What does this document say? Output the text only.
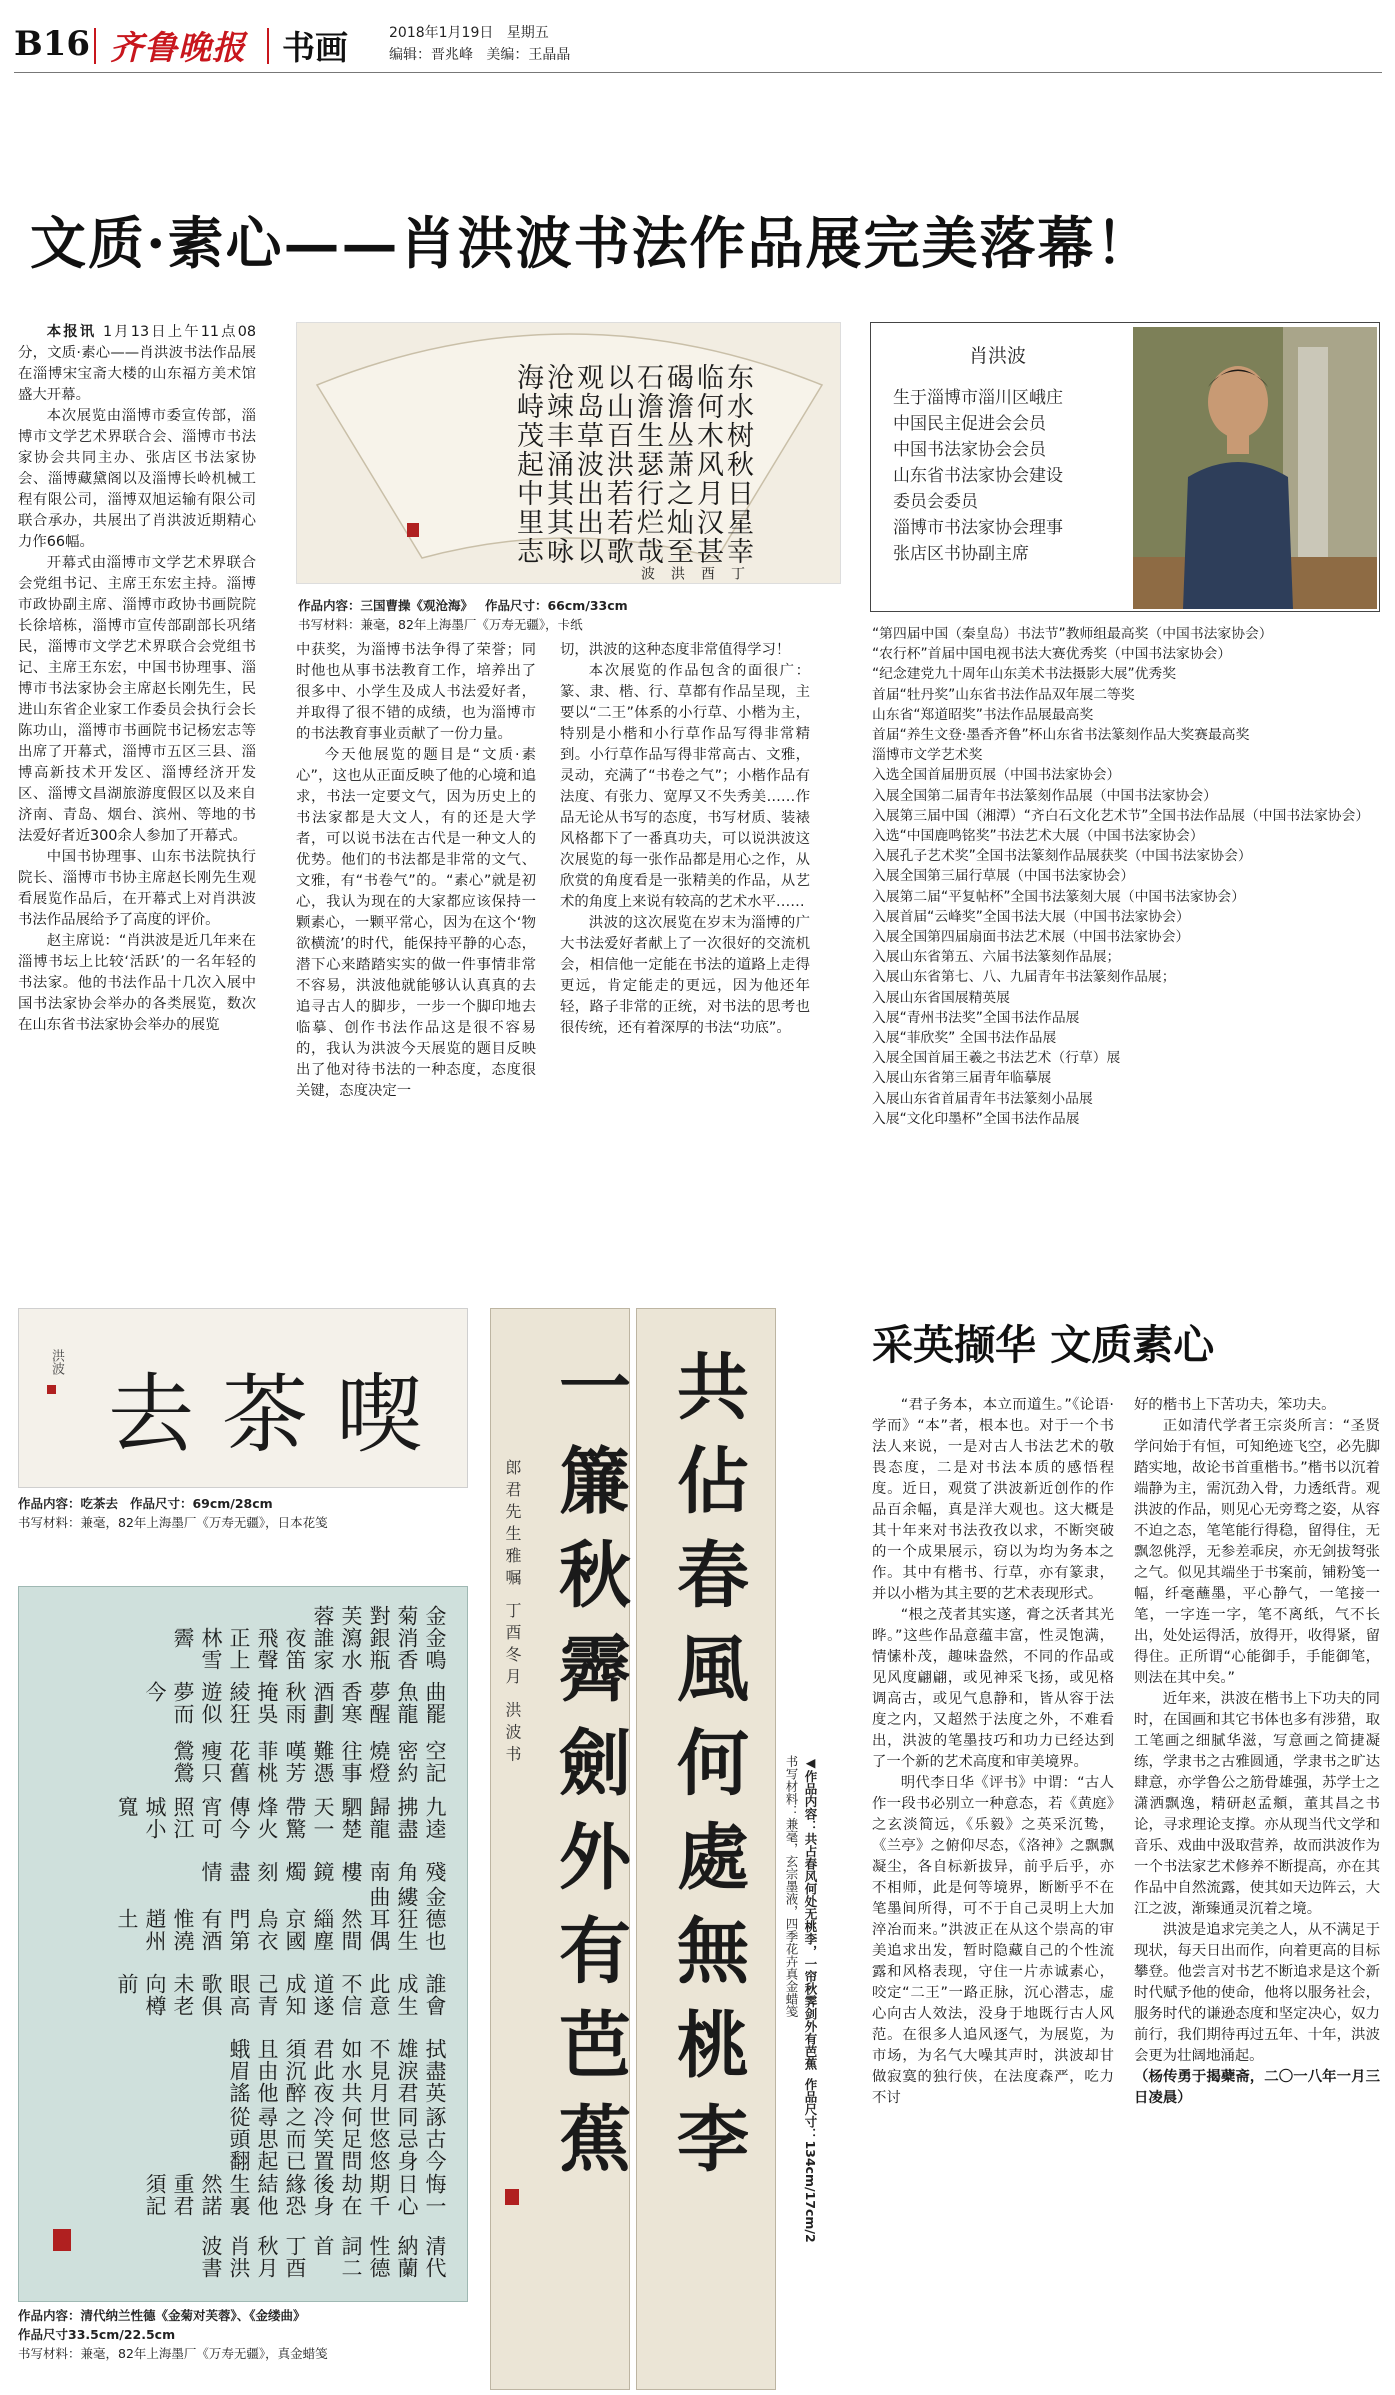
B16 齐鲁晚报 书画	2018年1月19日 星期五
编辑：晋兆峰 美编：王晶晶
文质·素心——肖洪波书法作品展完美落幕！

本报讯 1月13日上午11点08分，文质·素心——肖洪波书法作品展在淄博宋宝斋大楼的山东福方美术馆盛大开幕。

本次展览由淄博市委宣传部，淄博市文学艺术界联合会、淄博市书法家协会共同主办、张店区书法家协会、淄博藏黛阁以及淄博长岭机械工程有限公司，淄博双旭运输有限公司联合承办，共展出了肖洪波近期精心力作66幅。

开幕式由淄博市文学艺术界联合会党组书记、主席王东宏主持。淄博市政协副主席、淄博市政协书画院院长徐培栋，淄博市宣传部副部长巩绪民，淄博市文学艺术界联合会党组书记、主席王东宏，中国书协理事、淄博市书法家协会主席赵长刚先生，民进山东省企业家工作委员会执行会长陈功山，淄博市书画院书记杨宏志等出席了开幕式，淄博市五区三县、淄博高新技术开发区、淄博经济开发区、淄博文昌湖旅游度假区以及来自济南、青岛、烟台、滨州、等地的书法爱好者近300余人参加了开幕式。

中国书协理事、山东书法院执行院长、淄博市书协主席赵长刚先生观看展览作品后，在开幕式上对肖洪波书法作品展给予了高度的评价。

赵主席说：“肖洪波是近几年来在淄博书坛上比较‘活跃’的一名年轻的书法家。他的书法作品十几次入展中国书法家协会举办的各类展览，数次在山东省书法家协会举办的展览

东临碣石以观沧海
水何澹澹山岛竦峙
树木丛生百草丰茂
秋风萧瑟洪波涌起
日月之行若出其中
星汉灿烂若出其里
幸甚至哉歌以咏志
丁酉 洪波
作品内容：三国曹操《观沧海》 作品尺寸：66cm/33cm
书写材料：兼毫，82年上海墨厂《万寿无疆》，卡纸

中获奖，为淄博书法争得了荣誉；同时他也从事书法教育工作，培养出了很多中、小学生及成人书法爱好者，并取得了很不错的成绩，也为淄博市的书法教育事业贡献了一份力量。

今天他展览的题目是“文质·素心”，这也从正面反映了他的心境和追求，书法一定要文气，因为历史上的书法家都是大文人，有的还是大学者，可以说书法在古代是一种文人的优势。他们的书法都是非常的文气、文雅，有“书卷气”的。“素心”就是初心，我认为现在的大家都应该保持一颗素心，一颗平常心，因为在这个‘物欲横流’的时代，能保持平静的心态，潜下心来踏踏实实的做一件事情非常不容易，洪波他就能够认认真真的去追寻古人的脚步，一步一个脚印地去临摹、创作书法作品这是很不容易的，我认为洪波今天展览的题目反映出了他对待书法的一种态度，态度很关键，态度决定一

切，洪波的这种态度非常值得学习！

本次展览的作品包含的面很广：篆、隶、楷、行、草都有作品呈现，主要以“二王”体系的小行草、小楷为主，特别是小楷和小行草作品写得非常精到。小行草作品写得非常高古、文雅，灵动，充满了“书卷之气”；小楷作品有法度、有张力、宽厚又不失秀美……作品无论从书写的态度，书写材质、装裱风格都下了一番真功夫，可以说洪波这次展览的每一张作品都是用心之作，从欣赏的角度看是一张精美的作品，从艺术的角度上来说有较高的艺术水平……

洪波的这次展览在岁末为淄博的广大书法爱好者献上了一次很好的交流机会，相信他一定能在书法的道路上走得更远，肯定能走的更远，因为他还年轻，路子非常的正统，对书法的思考也很传统，还有着深厚的书法“功底”。

肖洪波
生于淄博市淄川区峨庄
中国民主促进会会员
中国书法家协会会员
山东省书法家协会建设
委员会委员
淄博市书法家协会理事
张店区书协副主席
“第四届中国（秦皇岛）书法节”教师组最高奖（中国书法家协会）
“农行杯”首届中国电视书法大赛优秀奖（中国书法家协会）
“纪念建党九十周年山东美术书法摄影大展”优秀奖
首届“牡丹奖”山东省书法作品双年展二等奖
山东省“郑道昭奖”书法作品展最高奖
首届“养生文登·墨香齐鲁”杯山东省书法篆刻作品大奖赛最高奖
淄博市文学艺术奖
入选全国首届册页展（中国书法家协会）
入展全国第二届青年书法篆刻作品展（中国书法家协会）
入展第三届中国（湘潭）“齐白石文化艺术节”全国书法作品展（中国书法家协会）
入选“中国鹿鸣铭奖”书法艺术大展（中国书法家协会）
入展孔子艺术奖”全国书法篆刻作品展获奖（中国书法家协会）
入展全国第三届行草展（中国书法家协会）
入展第二届“平复帖杯”全国书法篆刻大展（中国书法家协会）
入展首届“云峰奖”全国书法大展（中国书法家协会）
入展全国第四届扇面书法艺术展（中国书法家协会）
入展山东省第五、六届书法篆刻作品展；
入展山东省第七、八、九届青年书法篆刻作品展；
入展山东省国展精英展
入展“青州书法奖”全国书法作品展
入展“菲欣奖” 全国书法作品展
入展全国首届王羲之书法艺术（行草）展
入展山东省第三届青年临摹展
入展山东省首届青年书法篆刻小品展
入展“文化印墨杯”全国书法作品展
喫茶去
洪波
作品内容：吃茶去 作品尺寸：69cm/28cm
书写材料：兼毫，82年上海墨厂《万寿无疆》，日本花笺
金菊對芙蓉
金鳴消香銀瓶瀉水誰家夜笛飛聲正上林雪霽
曲罷魚龍夢醒香寒酒劃秋雨掩吳綾狂遊似夢而今
空記密約燒燈往事難憑嘆芳菲桃花舊瘦只鶯鶯
九逵拂盡歸龍駟楚天一帶驚烽火傳今宵可照江城小寬
殘角南樓鏡燭刻盡情
金縷曲
德也狂生耳偶然間緇塵京國烏衣門第有酒惟澆趙州土
誰會成生此意不信道遂成知己青眼高歌俱未老向樽前
拭盡英雄淚君不見月如水共君此夜須沉醉且由他蛾眉謠
諑古今同忌身世悠悠何足問冷笑置之而已尋思起從頭翻
悔一日心期千劫在後身緣恐結他生裏然諾重君須記
清代納蘭性德詞二首 丁酉秋月 肖洪波書
作品内容：清代纳兰性德《金菊对芙蓉》、《金缕曲》
作品尺寸33.5cm/22.5cm
书写材料：兼毫，82年上海墨厂《万寿无疆》，真金蜡笺
一簾秋霽劍外有芭蕉
郎君先生雅嘱 丁酉冬月 洪波书 共佔春風何處無桃李	◀作品内容：共占春风何处无桃李，一帘秋霁剑外有芭蕉  作品尺寸：134cm/17cm/2
书写材料：兼毫，玄宗墨液，四季花卉真金蜡笺
采英撷华 文质素心

“君子务本，本立而道生。”《论语·学而》“本”者，根本也。对于一个书法人来说，一是对古人书法艺术的敬畏态度，二是对书法本质的感悟程度。近日，观赏了洪波新近创作的作品百余幅，真是洋大观也。这大概是其十年来对书法孜孜以求，不断突破的一个成果展示，窃以为均为务本之作。其中有楷书、行草，亦有篆隶，并以小楷为其主要的艺术表现形式。

“根之茂者其实遂，膏之沃者其光晔。”这些作品意蕴丰富，性灵饱满，情愫朴茂，趣味盎然，不同的作品或见风度翩翩，或见神采飞扬，或见格调高古，或见气息静和，皆从容于法度之内，又超然于法度之外，不难看出，洪波的笔墨技巧和功力已经达到了一个新的艺术高度和审美境界。

明代李日华《评书》中谓：“古人作一段书必别立一种意态，若《黄庭》之玄淡简远，《乐毅》之英采沉鸷，《兰亭》之俯仰尽态，《洛神》之飘飘凝尘，各自标新拔异，前乎后乎，亦不相师，此是何等境界，断断乎不在笔墨间所得，可不于自己灵明上大加淬冶而来。”洪波正在从这个崇高的审美追求出发，暂时隐藏自己的个性流露和风格表现，守住一片赤诚素心，咬定“二王”一路正脉，沉心潜志，虚心向古人效法，没身于地既行古人风范。在很多人追风逐气，为展览，为市场，为名气大噪其声时，洪波却甘做寂寞的独行侠，在法度森严，吃力不讨

好的楷书上下苦功夫，笨功夫。

正如清代学者王宗炎所言：“圣贤学问始于有恒，可知绝迹飞空，必先脚踏实地，故论书首重楷书。”楷书以沉着端静为主，需沉劲入骨，力透纸背。观洪波的作品，则见心无旁骛之姿，从容不迫之态，笔笔能行得稳，留得住，无飘忽佻浮，无参差乖戾，亦无剑拔弩张之气。似见其端坐于书案前，铺粉笺一幅，纤毫蘸墨，平心静气，一笔接一笔，一字连一字，笔不离纸，气不长出，处处运得活，放得开，收得紧，留得住。正所谓“心能御手，手能御笔，则法在其中矣。”

近年来，洪波在楷书上下功夫的同时，在国画和其它书体也多有涉猎，取工笔画之细腻华滋，写意画之简捷凝练，学隶书之古雅圆通，学隶书之旷达肆意，亦学鲁公之筋骨雄强，苏学士之潇洒飘逸，精研赵孟頫，董其昌之书论，寻求理论支撑。亦从现当代文学和音乐、戏曲中汲取营养，故而洪波作为一个书法家艺术修养不断提高，亦在其作品中自然流露，使其如天边阵云，大江之波，渐臻通灵沉着之境。

洪波是追求完美之人，从不满足于现状，每天日出而作，向着更高的目标攀登。他尝言对书艺不断追求是这个新时代赋予他的使命，他将以服务社会，服务时代的谦逊态度和坚定决心，奴力前行，我们期待再过五年、十年，洪波会更为壮阔地涌起。

（杨传勇于揭蘗斋，二〇一八年一月三日凌晨）
